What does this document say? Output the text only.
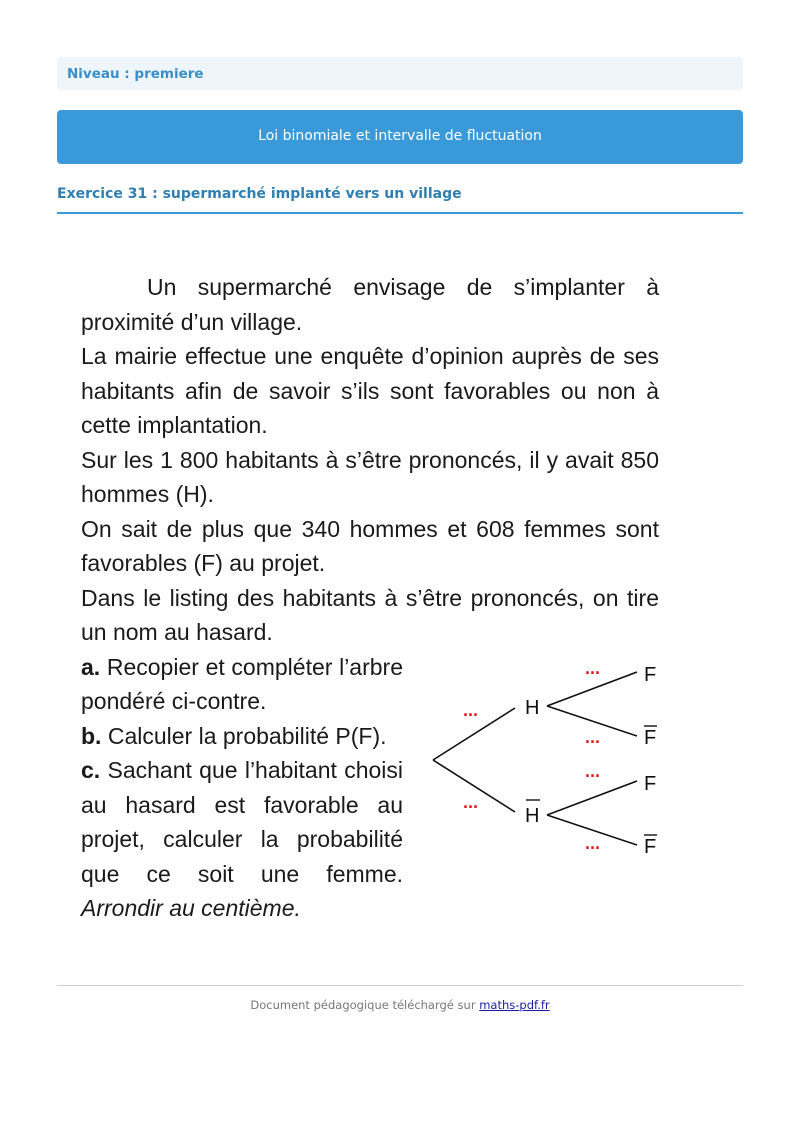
Niveau : premiere
Loi binomiale et intervalle de fluctuation
Exercice 31 : supermarché implanté vers un village

Un supermarché envisage de s’implanter à proximité d’un village.

La mairie effectue une enquête d’opinion auprès de ses habitants afin de savoir s’ils sont favorables ou non à cette implantation.

Sur les 1 800 habitants à s’être prononcés, il y avait 850 hommes (H).

On sait de plus que 340 hommes et 608 femmes sont favorables (F) au projet.

Dans le listing des habitants à s’être prononcés, on tire un nom au hasard.

a. Recopier et compléter l’arbre pondéré ci-contre.

b. Calculer la probabilité P(F).

c. Sachant que l’habitant choisi au hasard est favorable au projet, calculer la probabilité que ce soit une femme. Arrondir au centième.

H
H
F
F
F
F
...
...
...
...
...
...
Document pédagogique téléchargé sur maths-pdf.fr
